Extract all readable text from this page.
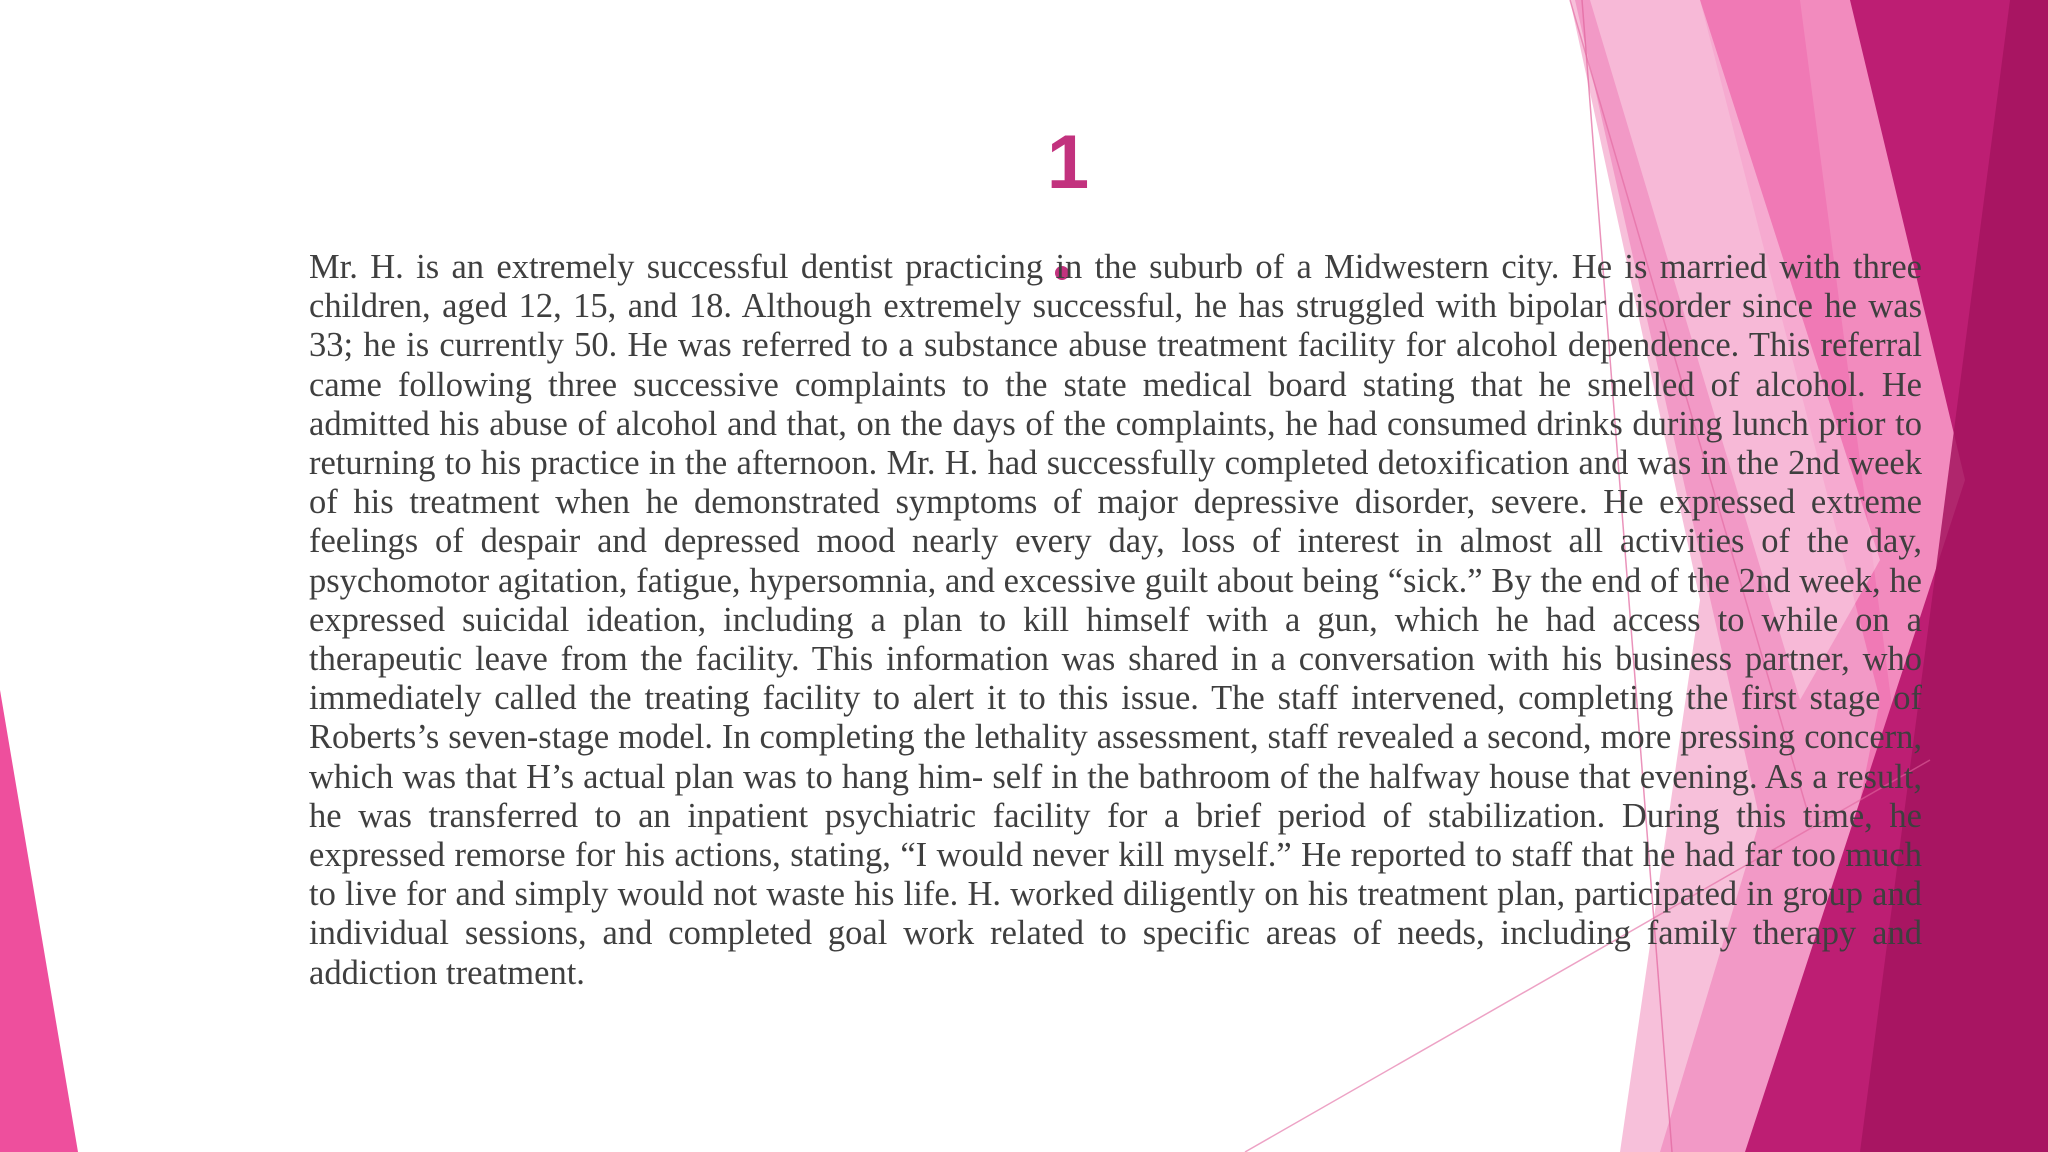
1

Mr. H. is an extremely successful dentist practicing in the suburb of a Midwestern city. He is married with three children, aged 12, 15, and 18. Although extremely successful, he has struggled with bipolar disorder since he was 33; he is currently 50. He was referred to a substance abuse treatment facility for alcohol dependence. This referral came following three successive complaints to the state medical board stating that he smelled of alcohol. He admitted his abuse of alcohol and that, on the days of the complaints, he had consumed drinks during lunch prior to returning to his practice in the afternoon. Mr. H. had successfully completed detoxification and was in the 2nd week of his treatment when he demonstrated symptoms of major depressive disorder, severe. He expressed extreme feelings of despair and depressed mood nearly every day, loss of interest in almost all activities of the day, psychomotor agitation, fatigue, hypersomnia, and excessive guilt about being “sick.” By the end of the 2nd week, he expressed suicidal ideation, including a plan to kill himself with a gun, which he had access to while on a therapeutic leave from the facility. This information was shared in a conversation with his business partner, who immediately called the treating facility to alert it to this issue. The staff intervened, completing the first stage of Roberts’s seven-stage model. In completing the lethality assessment, staff revealed a second, more pressing concern, which was that H’s actual plan was to hang him- self in the bathroom of the halfway house that evening. As a result, he was transferred to an inpatient psychiatric facility for a brief period of stabilization. During this time, he expressed remorse for his actions, stating, “I would never kill myself.” He reported to staff that he had far too much to live for and simply would not waste his life. H. worked diligently on his treatment plan, participated in group and individual sessions, and completed goal work related to specific areas of needs, including family therapy and addiction treatment.
